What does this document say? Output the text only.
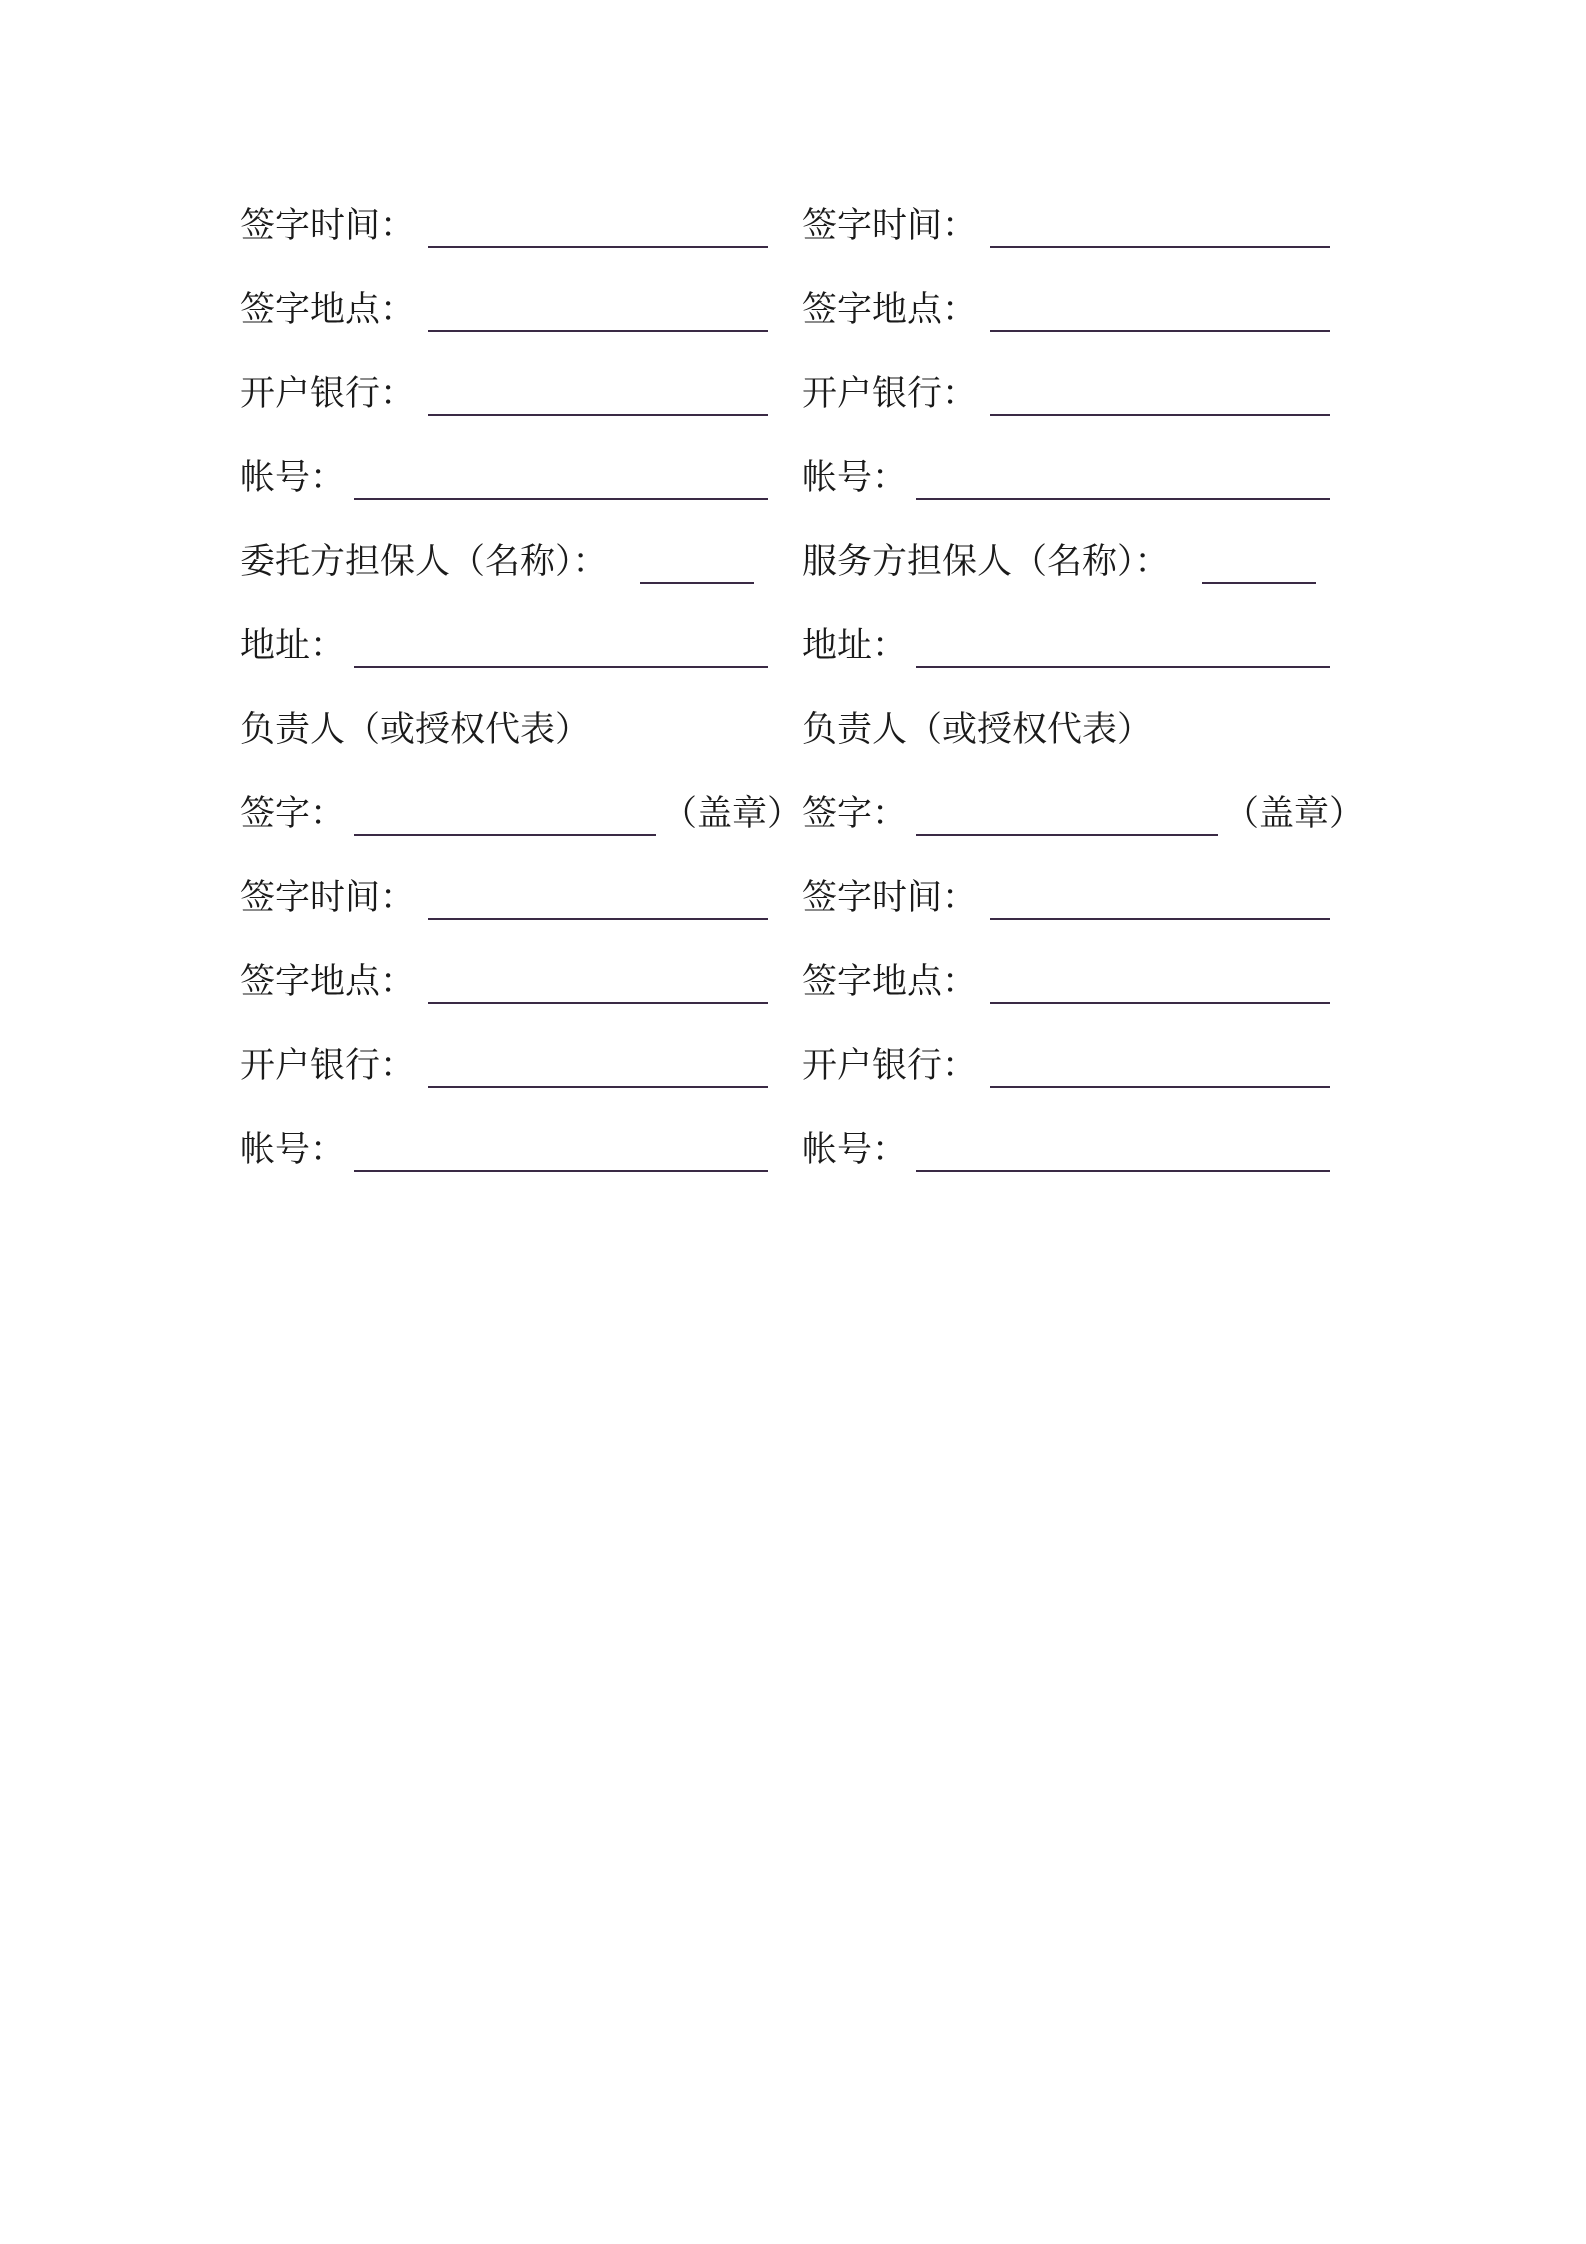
签字时间：
签字地点：
开户银行：
帐号：
委托方担保人（名称）：
地址：
负责人（或授权代表）
签字：	（盖章）
签字时间：
签字地点：
开户银行：
帐号：
签字时间：
签字地点：
开户银行：
帐号：
服务方担保人（名称）：
地址：
负责人（或授权代表）
签字：	（盖章）
签字时间：
签字地点：
开户银行：
帐号：
